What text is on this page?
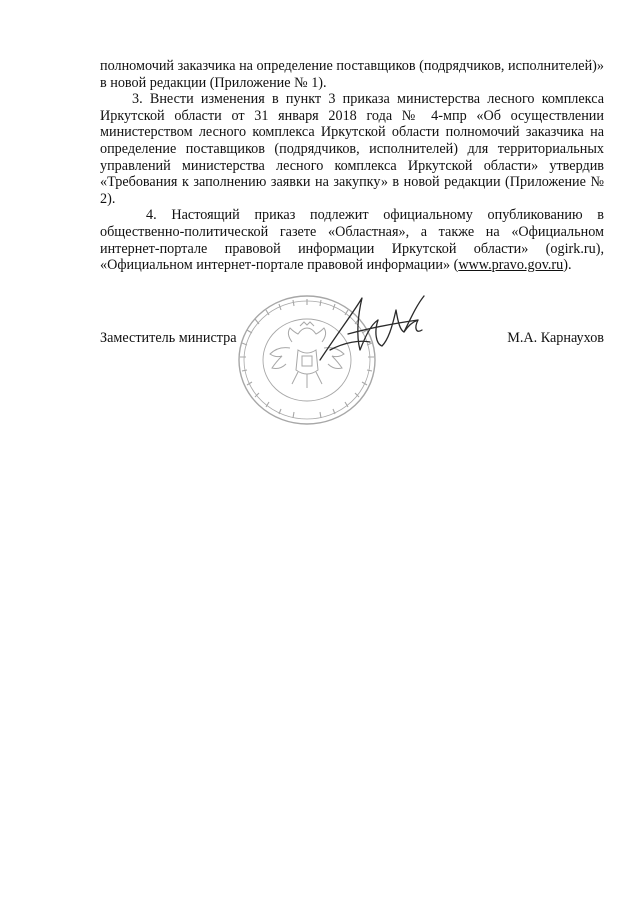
полномочий заказчика на определение поставщиков (подрядчиков, исполнителей)» в новой редакции (Приложение № 1).

3. Внести изменения в пункт 3 приказа министерства лесного комплекса Иркутской области от 31 января 2018 года № 4-мпр «Об осуществлении министерством лесного комплекса Иркутской области полномочий заказчика на определение поставщиков (подрядчиков, исполнителей) для территориальных управлений министерства лесного комплекса Иркутской области» утвердив «Требования к заполнению заявки на закупку» в новой редакции (Приложение № 2).

4. Настоящий приказ подлежит официальному опубликованию в общественно-политической газете «Областная», а также на «Официальном интернет-портале правовой информации Иркутской области» (ogirk.ru), «Официальном интернет-портале правовой информации» (www.pravo.gov.ru).

Заместитель министра	М.А. Карнаухов
